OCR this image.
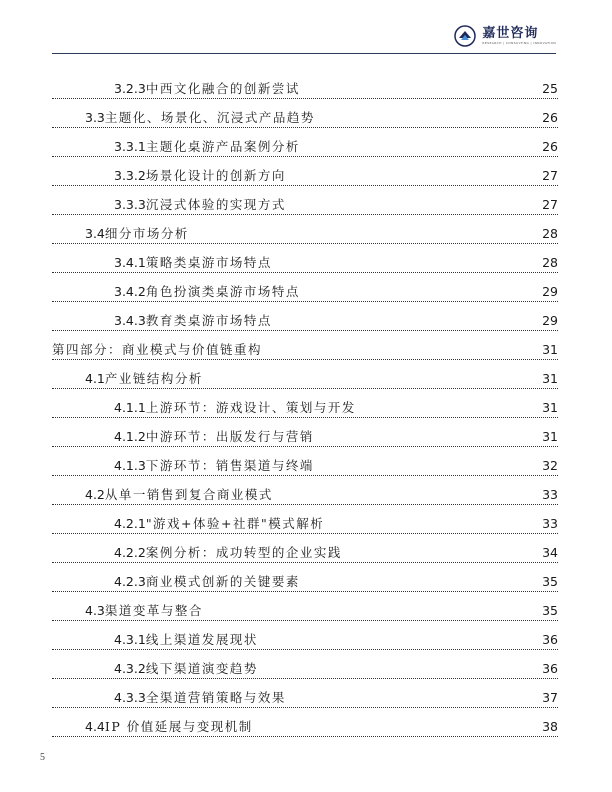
嘉世咨询
RESEARCH | CONSULTING | INNOVATION
3.2.3中西文化融合的创新尝试	25
3.3主题化、场景化、沉浸式产品趋势	26
3.3.1主题化桌游产品案例分析	26
3.3.2场景化设计的创新方向	27
3.3.3沉浸式体验的实现方式	27
3.4细分市场分析	28
3.4.1策略类桌游市场特点	28
3.4.2角色扮演类桌游市场特点	29
3.4.3教育类桌游市场特点	29
第四部分：商业模式与价值链重构	31
4.1产业链结构分析	31
4.1.1上游环节：游戏设计、策划与开发	31
4.1.2中游环节：出版发行与营销	31
4.1.3下游环节：销售渠道与终端	32
4.2从单一销售到复合商业模式	33
4.2.1"游戏+体验+社群"模式解析	33
4.2.2案例分析：成功转型的企业实践	34
4.2.3商业模式创新的关键要素	35
4.3渠道变革与整合	35
4.3.1线上渠道发展现状	36
4.3.2线下渠道演变趋势	36
4.3.3全渠道营销策略与效果	37
4.4IP 价值延展与变现机制	38
5
